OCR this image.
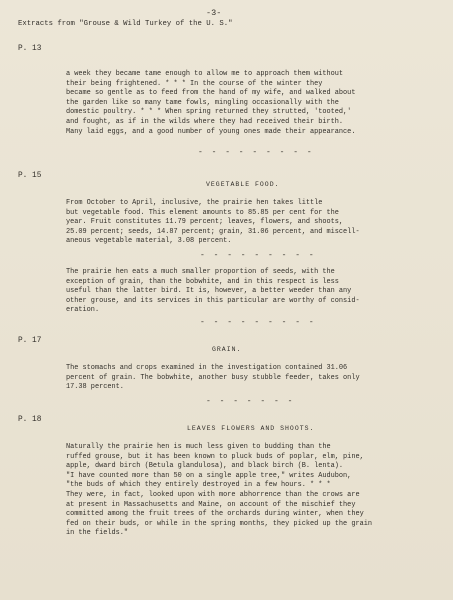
-3-
Extracts from "Grouse & Wild Turkey of the U. S."
P. 13
a week they became tame enough to allow me to approach them without
their being frightened. * * * In the course of the winter they
became so gentle as to feed from the hand of my wife, and walked about
the garden like so many tame fowls, mingling occasionally with the
domestic poultry. * * * When spring returned they strutted, 'tooted,'
and fought, as if in the wilds where they had received their birth.
Many laid eggs, and a good number of young ones made their appearance.
- - - - - - - - -
P. 15
VEGETABLE FOOD.
From October to April, inclusive, the prairie hen takes little
but vegetable food. This element amounts to 85.85 per cent for the
year. Fruit constitutes 11.79 percent; leaves, flowers, and shoots,
25.09 percent; seeds, 14.87 percent; grain, 31.06 percent, and miscell-
aneous vegetable material, 3.08 percent.
- - - - - - - - -
The prairie hen eats a much smaller proportion of seeds, with the
exception of grain, than the bobwhite, and in this respect is less
useful than the latter bird. It is, however, a better weeder than any
other grouse, and its services in this particular are worthy of consid-
eration.
- - - - - - - - -
P. 17
GRAIN.
The stomachs and crops examined in the investigation contained 31.06
percent of grain. The bobwhite, another busy stubble feeder, takes only
17.38 percent.
- - - - - - -
P. 18
LEAVES FLOWERS AND SHOOTS.
Naturally the prairie hen is much less given to budding than the
ruffed grouse, but it has been known to pluck buds of poplar, elm, pine,
apple, dward birch (Betula glandulosa), and black birch (B. lenta).
"I have counted more than 50 on a single apple tree," writes Audubon,
"the buds of which they entirely destroyed in a few hours. * * *
They were, in fact, looked upon with more abhorrence than the crows are
at present in Massachusetts and Maine, on account of the mischief they
committed among the fruit trees of the orchards during winter, when they
fed on their buds, or while in the spring months, they picked up the grain
in the fields."
